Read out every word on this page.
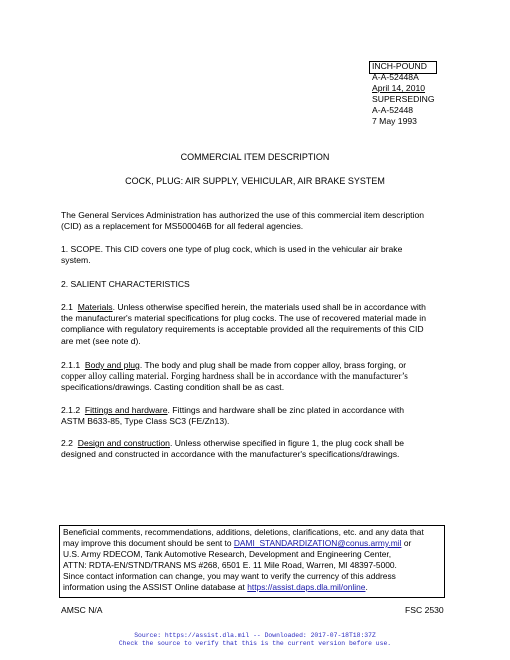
INCH-POUND
A-A-52448A
April 14, 2010
SUPERSEDING
A-A-52448
7 May 1993
COMMERCIAL ITEM DESCRIPTION
COCK, PLUG: AIR SUPPLY, VEHICULAR, AIR BRAKE SYSTEM
The General Services Administration has authorized the use of this commercial item description
(CID) as a replacement for MS500046B for all federal agencies.
1. SCOPE. This CID covers one type of plug cock, which is used in the vehicular air brake
system.
2. SALIENT CHARACTERISTICS
2.1  Materials. Unless otherwise specified herein, the materials used shall be in accordance with
the manufacturer's material specifications for plug cocks. The use of recovered material made in
compliance with regulatory requirements is acceptable provided all the requirements of this CID
are met (see note d).
2.1.1  Body and plug. The body and plug shall be made from copper alloy, brass forging, or
copper alloy calling material. Forging hardness shall be in accordance with the manufacturer’s
specifications/drawings. Casting condition shall be as cast.
2.1.2  Fittings and hardware. Fittings and hardware shall be zinc plated in accordance with
ASTM B633-85, Type Class SC3 (FE/Zn13).
2.2  Design and construction. Unless otherwise specified in figure 1, the plug cock shall be
designed and constructed in accordance with the manufacturer's specifications/drawings.
Beneficial comments, recommendations, additions, deletions, clarifications, etc. and any data that
may improve this document should be sent to DAMI_STANDARDIZATION@conus.army.mil or
U.S. Army RDECOM, Tank Automotive Research, Development and Engineering Center,
ATTN: RDTA-EN/STND/TRANS MS #268, 6501 E. 11 Mile Road, Warren, MI 48397-5000.
Since contact information can change, you may want to verify the currency of this address
information using the ASSIST Online database at https://assist.daps.dla.mil/online.
AMSC N/A	FSC 2530
Source: https://assist.dla.mil -- Downloaded: 2017-07-18T18:37Z
Check the source to verify that this is the current version before use.
